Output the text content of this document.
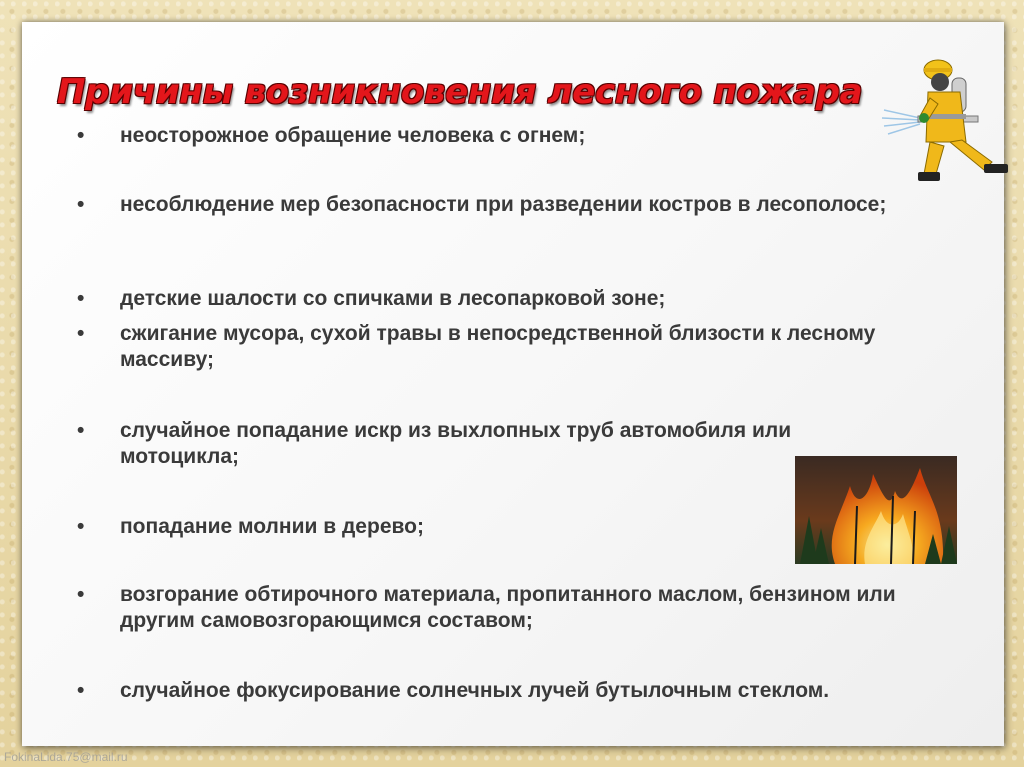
Причины возникновения лесного пожара
•	неосторожное обращение человека с огнем;
•	несоблюдение мер безопасности при разведении костров в лесополосе;
•	детские шалости со спичками в лесопарковой зоне;
•	сжигание мусора, сухой травы в непосредственной близости к лесному массиву;
•	случайное попадание искр из выхлопных труб автомобиля или мотоцикла;
•	попадание молнии в дерево;
•	возгорание обтирочного материала, пропитанного маслом, бензином или другим самовозгорающимся составом;
•	случайное фокусирование солнечных лучей бутылочным стеклом.
FokinaLida.75@mail.ru
